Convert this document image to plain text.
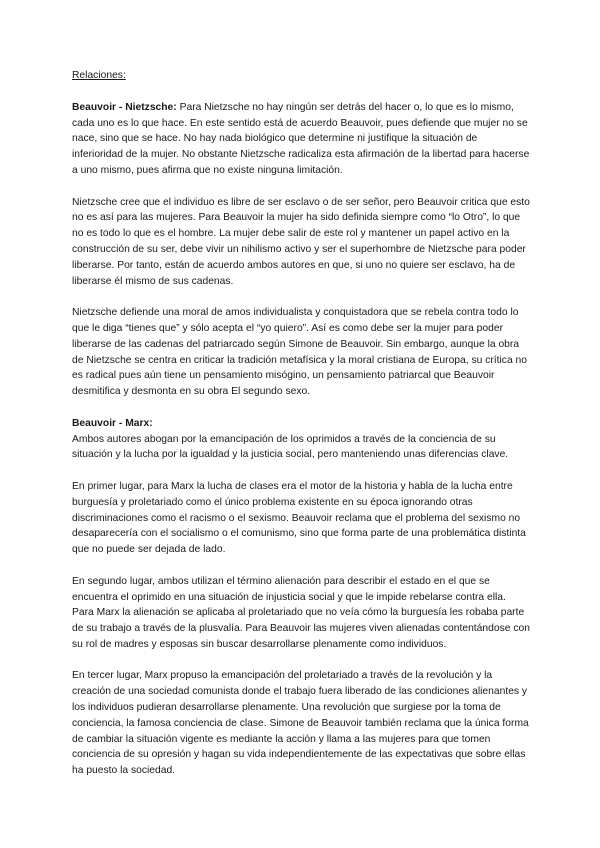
Relaciones:

Beauvoir - Nietzsche: Para Nietzsche no hay ningún ser detrás del hacer o, lo que es lo mismo, cada uno es lo que hace. En este sentido está de acuerdo Beauvoir, pues defiende que mujer no se nace, sino que se hace. No hay nada biológico que determine ni justifique la situación de inferioridad de la mujer. No obstante Nietzsche radicaliza esta afirmación de la libertad para hacerse a uno mismo, pues afirma que no existe ninguna limitación.

Nietzsche cree que el individuo es libre de ser esclavo o de ser señor, pero Beauvoir critica que esto no es así para las mujeres. Para Beauvoir la mujer ha sido definida siempre como “lo Otro”, lo que no es todo lo que es el hombre. La mujer debe salir de este rol y mantener un papel activo en la construcción de su ser, debe vivir un nihilismo activo y ser el superhombre de Nietzsche para poder liberarse. Por tanto, están de acuerdo ambos autores en que, si uno no quiere ser esclavo, ha de liberarse él mismo de sus cadenas.

Nietzsche defiende una moral de amos individualista y conquistadora que se rebela contra todo lo que le diga “tienes que” y sólo acepta el “yo quiero”. Así es como debe ser la mujer para poder liberarse de las cadenas del patriarcado según Simone de Beauvoir. Sin embargo, aunque la obra de Nietzsche se centra en criticar la tradición metafísica y la moral cristiana de Europa, su crítica no es radical pues aún tiene un pensamiento misógino, un pensamiento patriarcal que Beauvoir desmitifica y desmonta en su obra El segundo sexo.

Beauvoir - Marx:

Ambos autores abogan por la emancipación de los oprimidos a través de la conciencia de su situación y la lucha por la igualdad y la justicia social, pero manteniendo unas diferencias clave.

En primer lugar, para Marx la lucha de clases era el motor de la historia y habla de la lucha entre burguesía y proletariado como el único problema existente en su época ignorando otras discriminaciones como el racismo o el sexismo. Beauvoir reclama que el problema del sexismo no desaparecería con el socialismo o el comunismo, sino que forma parte de una problemática distinta que no puede ser dejada de lado.

En segundo lugar, ambos utilizan el término alienación para describir el estado en el que se encuentra el oprimido en una situación de injusticia social y que le impide rebelarse contra ella. Para Marx la alienación se aplicaba al proletariado que no veía cómo la burguesía les robaba parte de su trabajo a través de la plusvalía. Para Beauvoir las mujeres viven alienadas contentándose con su rol de madres y esposas sin buscar desarrollarse plenamente como individuos.

En tercer lugar, Marx propuso la emancipación del proletariado a través de la revolución y la creación de una sociedad comunista donde el trabajo fuera liberado de las condiciones alienantes y los individuos pudieran desarrollarse plenamente. Una revolución que surgiese por la toma de conciencia, la famosa conciencia de clase. Simone de Beauvoir también reclama que la única forma de cambiar la situación vigente es mediante la acción y llama a las mujeres para que tomen conciencia de su opresión y hagan su vida independientemente de las expectativas que sobre ellas ha puesto la sociedad.
